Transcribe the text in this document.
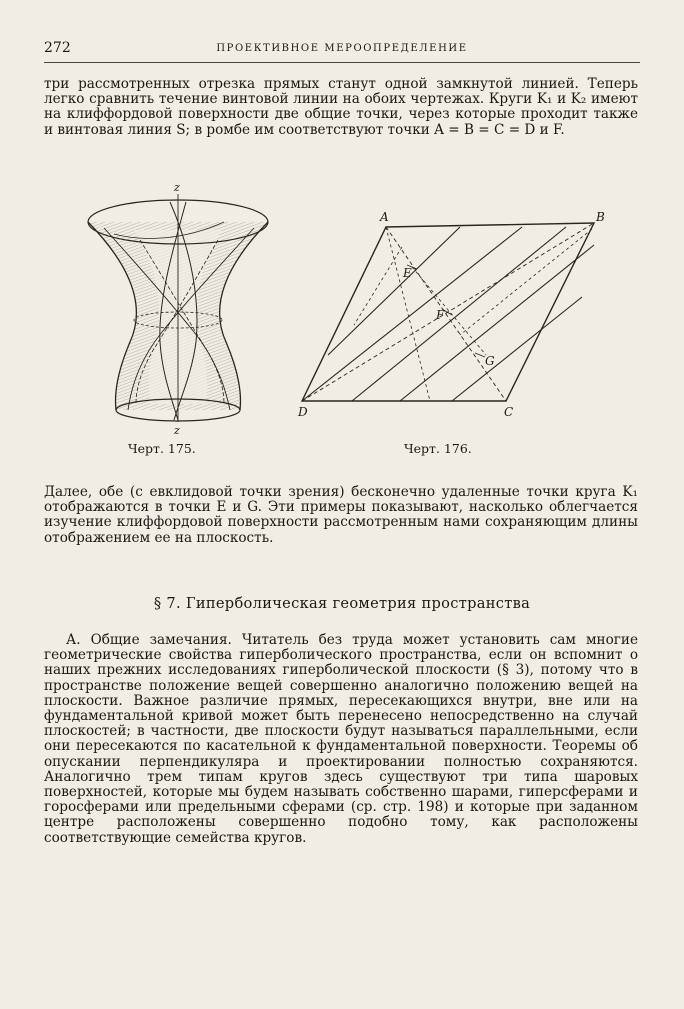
272	ПРОЕКТИВНОЕ МЕРООПРЕДЕЛЕНИЕ

три рассмотренных отрезка прямых станут одной замкнутой линией. Теперь легко сравнить течение винтовой линии на обоих чертежах. Круги K₁ и K₂ имеют на клиффордовой поверхности две общие точки, через которые проходит также и винтовая линия S; в ромбе им соответствуют точки A = B = C = D и F.

z
z
Черт. 175.
A	B
C
D
E
F
G
Черт. 176.

Далее, обе (с евклидовой точки зрения) бесконечно удаленные точки круга K₁ отображаются в точки E и G. Эти примеры показывают, насколько облегчается изучение клиффордовой поверхности рассмотренным нами сохраняющим длины отображением ее на плоскость.

§ 7. Гиперболическая геометрия пространства

А. Общие замечания. Читатель без труда может установить сам многие геометрические свойства гиперболического пространства, если он вспомнит о наших прежних исследованиях гиперболической плоскости (§ 3), потому что в пространстве положение вещей совершенно аналогично положению вещей на плоскости. Важное различие прямых, пересекающихся внутри, вне или на фундаментальной кривой может быть перенесено непосредственно на случай плоскостей; в частности, две плоскости будут называться параллельными, если они пересекаются по касательной к фундаментальной поверхности. Теоремы об опускании перпендикуляра и проектировании полностью сохраняются. Аналогично трем типам кругов здесь существуют три типа шаровых поверхностей, которые мы будем называть собственно шарами, гиперсферами и горосферами или предельными сферами (ср. стр. 198) и которые при заданном центре расположены совершенно подобно тому, как расположены соответствующие семейства кругов.
